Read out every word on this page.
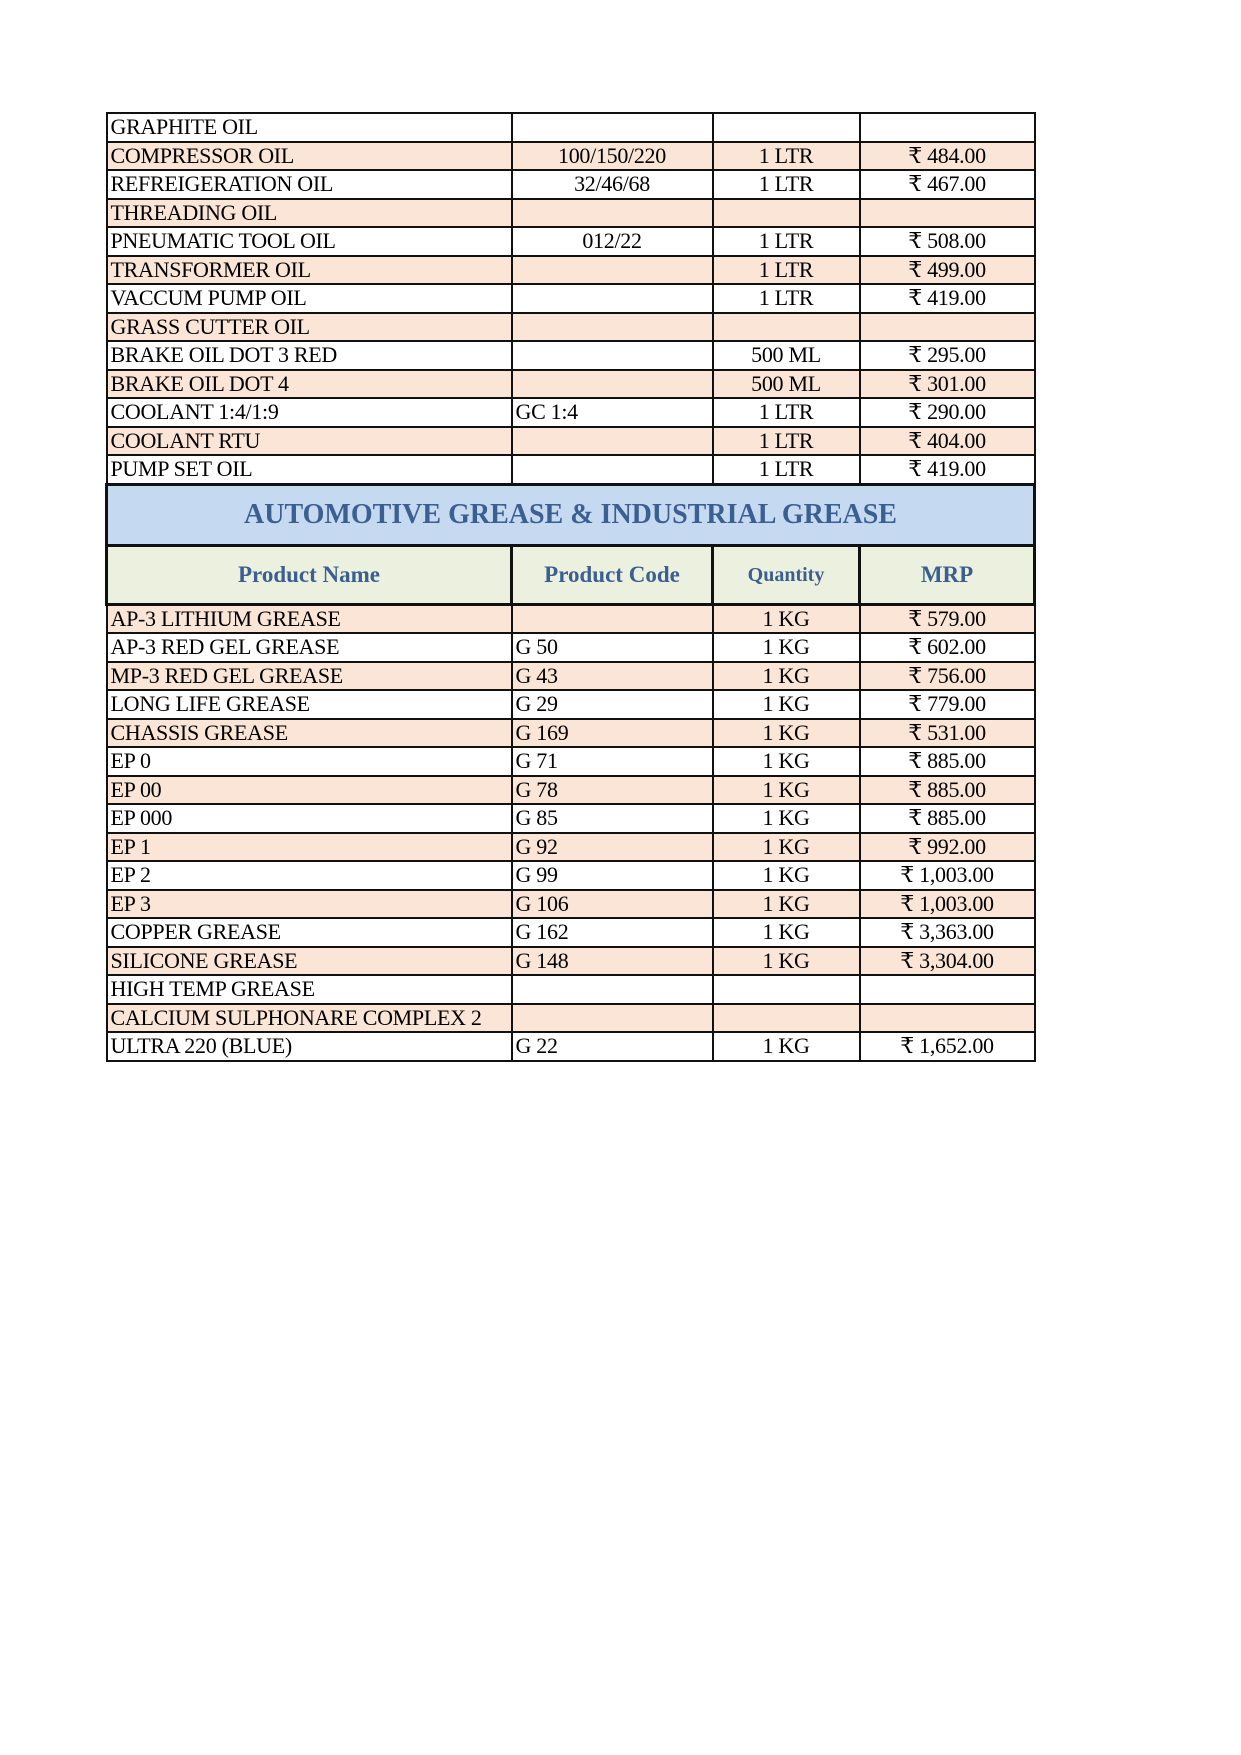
GRAPHITE OIL			
COMPRESSOR OIL	100/150/220	1 LTR	₹ 484.00
REFREIGERATION OIL	32/46/68	1 LTR	₹ 467.00
THREADING OIL			
PNEUMATIC TOOL OIL	012/22	1 LTR	₹ 508.00
TRANSFORMER OIL		1 LTR	₹ 499.00
VACCUM PUMP OIL		1 LTR	₹ 419.00
GRASS CUTTER OIL			
BRAKE OIL DOT 3 RED		500 ML	₹ 295.00
BRAKE OIL DOT 4		500 ML	₹ 301.00
COOLANT 1:4/1:9	GC 1:4	1 LTR	₹ 290.00
COOLANT RTU		1 LTR	₹ 404.00
PUMP SET OIL		1 LTR	₹ 419.00
AUTOMOTIVE GREASE & INDUSTRIAL GREASE			
Product Name	Product Code	Quantity	MRP
AP-3 LITHIUM GREASE		1 KG	₹ 579.00
AP-3 RED GEL GREASE	G 50	1 KG	₹ 602.00
MP-3 RED GEL GREASE	G 43	1 KG	₹ 756.00
LONG LIFE GREASE	G 29	1 KG	₹ 779.00
CHASSIS GREASE	G 169	1 KG	₹ 531.00
EP 0	G 71	1 KG	₹ 885.00
EP 00	G 78	1 KG	₹ 885.00
EP 000	G 85	1 KG	₹ 885.00
EP 1	G 92	1 KG	₹ 992.00
EP 2	G 99	1 KG	₹ 1,003.00
EP 3	G 106	1 KG	₹ 1,003.00
COPPER GREASE	G 162	1 KG	₹ 3,363.00
SILICONE GREASE	G 148	1 KG	₹ 3,304.00
HIGH TEMP GREASE			
CALCIUM SULPHONARE COMPLEX 2			
ULTRA 220 (BLUE)	G 22	1 KG	₹ 1,652.00
